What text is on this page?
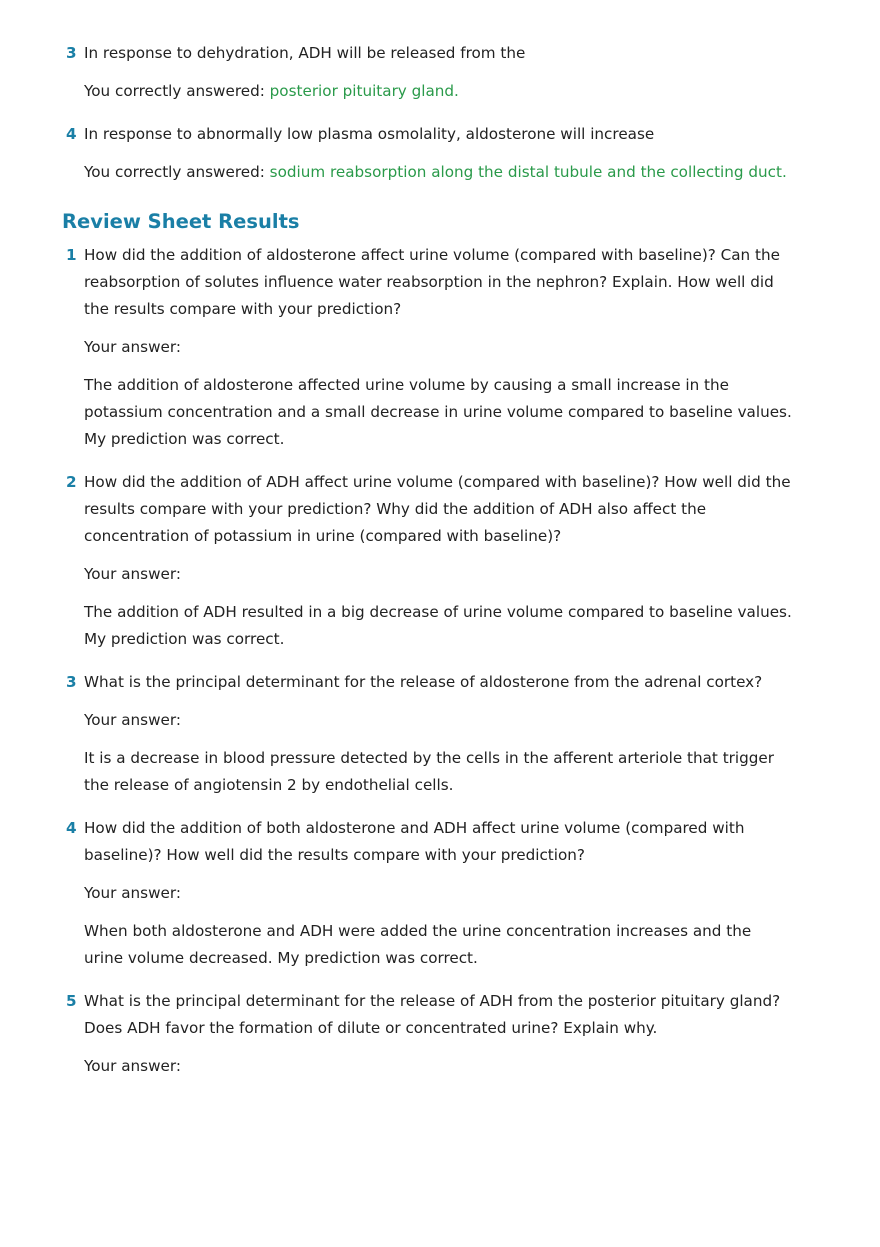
3 In response to dehydration, ADH will be released from the
You correctly answered: posterior pituitary gland.
4 In response to abnormally low plasma osmolality, aldosterone will increase
You correctly answered: sodium reabsorption along the distal tubule and the collecting duct.
Review Sheet Results
1 How did the addition of aldosterone affect urine volume (compared with baseline)? Can the
reabsorption of solutes influence water reabsorption in the nephron? Explain. How well did
the results compare with your prediction?
Your answer:
The addition of aldosterone affected urine volume by causing a small increase in the
potassium concentration and a small decrease in urine volume compared to baseline values.
My prediction was correct.
2 How did the addition of ADH affect urine volume (compared with baseline)? How well did the
results compare with your prediction? Why did the addition of ADH also affect the
concentration of potassium in urine (compared with baseline)?
Your answer:
The addition of ADH resulted in a big decrease of urine volume compared to baseline values.
My prediction was correct.
3 What is the principal determinant for the release of aldosterone from the adrenal cortex?
Your answer:
It is a decrease in blood pressure detected by the cells in the afferent arteriole that trigger
the release of angiotensin 2 by endothelial cells.
4 How did the addition of both aldosterone and ADH affect urine volume (compared with
baseline)? How well did the results compare with your prediction?
Your answer:
When both aldosterone and ADH were added the urine concentration increases and the
urine volume decreased. My prediction was correct.
5 What is the principal determinant for the release of ADH from the posterior pituitary gland?
Does ADH favor the formation of dilute or concentrated urine? Explain why.
Your answer:
